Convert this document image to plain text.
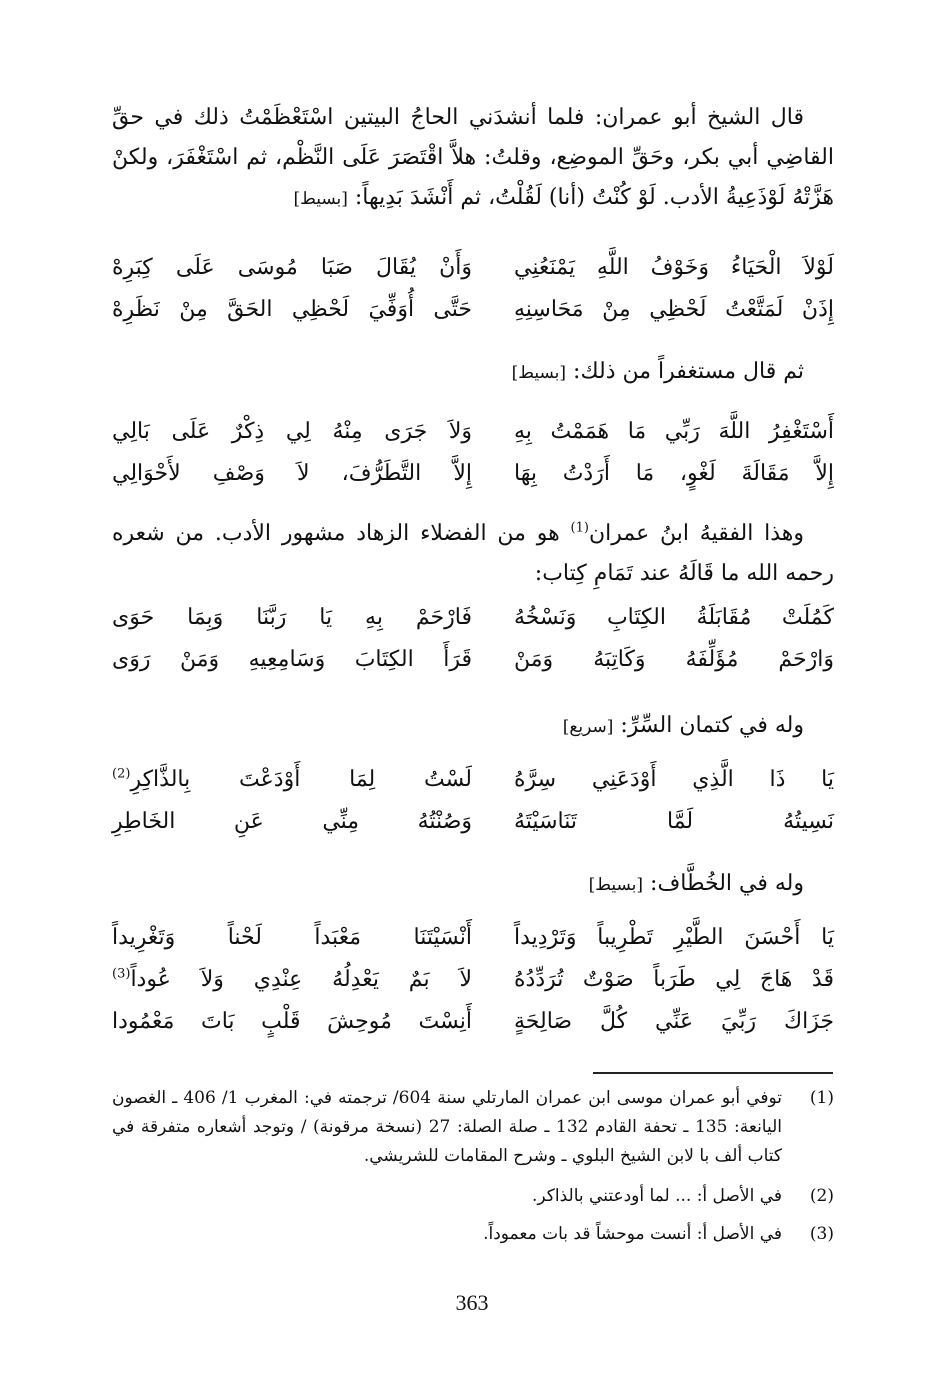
قال الشيخ أبو عمران: فلما أنشدَني الحاجُ البيتين اسْتَعْظَمْتُ ذلك في حقِّ القاضِي أبي بكر، وحَقِّ الموضِع، وقلتُ: هلاَّ اقْتَصَرَ عَلَى النَّظْم، ثم اسْتَغْفَرَ، ولكنْ هَزَّتْهُ لَوْذَعِيةُ الأدب. لَوْ كُنْتُ (أنا) لَقُلْتُ، ثم أَنْشَدَ بَدِيهاً: [بسيط]
لَوْلاَ الْحَيَاءُ وَخَوْفُ اللَّهِ يَمْنَعُنِي
وَأَنْ يُقَالَ صَبَا مُوسَى عَلَى كِبَرِهْ
إِذَنْ لَمَتَّعْتُ لَحْظِي مِنْ مَحَاسِنِهِ
حَتَّى أُوَفِّيَ لَحْظِي الحَقَّ مِنْ نَظَرِهْ
ثم قال مستغفراً من ذلك: [بسيط]
أَسْتَغْفِرُ اللَّهَ رَبِّي مَا هَمَمْتُ بِهِ
وَلاَ جَرَى مِنْهُ لِي ذِكْرٌ عَلَى بَالِي
إِلاَّ مَقَالَةَ لَغْوٍ، مَا أَرَدْتُ بِهَا
إِلاَّ التَّطَرُّفَ، لاَ وَصْفِ لأَحْوَالِي
وهذا الفقيهُ ابنُ عمران$^{(1)}$ هو من الفضلاء الزهاد مشهور الأدب. من شعره رحمه الله ما قَالَهُ عند تَمَامِ كِتاب:
كَمُلَتْ مُقَابَلَةُ الكِتَابِ وَنَسْخُهُ
فَارْحَمْ بِهِ يَا رَبَّنَا وَبِمَا حَوَى
وَارْحَمْ مُؤَلِّفَهُ وَكَاتِبَهُ وَمَنْ
قَرَأَ الكِتَابَ وَسَامِعِيهِ وَمَنْ رَوَى
وله في كتمان السِّرِّ: [سريع]
يَا ذَا الَّذِي أَوْدَعَنِي سِرَّهُ
لَسْتُ لِمَا أَوْدَعْتَ بِالذَّاكِرِ$^{(2)}$
نَسِيتُهُ لَمَّا تَنَاسَيْتَهُ
وَصُنْتُهُ مِنِّي عَنِ الخَاطِرِ
وله في الخُطَّاف: [بسيط]
يَا أَحْسَنَ الطَّيْرِ تَطْرِيباً وَتَرْدِيداً
أَنْسَيْتَنَا مَعْبَداً لَحْناً وَتَغْرِيداً
قَدْ هَاجَ لِي طَرَباً صَوْتٌ تُرَدِّدُهُ
لاَ بَمٌ يَعْدِلُهُ عِنْدِي وَلاَ عُوداً$^{(3)}$
جَزَاكَ رَبِّيَ عَنِّي كُلَّ صَالِحَةٍ
أَنِسْتَ مُوحِشَ قَلْبٍ بَاتَ مَعْمُودا
(1)
توفي أبو عمران موسى ابن عمران المارتلي سنة 604/ ترجمته في: المغرب 1/ 406 ـ الغصون اليانعة: 135 ـ تحفة القادم 132 ـ صلة الصلة: 27 (نسخة مرقونة) / وتوجد أشعاره متفرقة في كتاب ألف با لابن الشيخ البلوي ـ وشرح المقامات للشريشي.
(2)
في الأصل أ: ... لما أودعتني بالذاكر.
(3)
في الأصل أ: أنست موحشاً قد بات معموداً.
363
